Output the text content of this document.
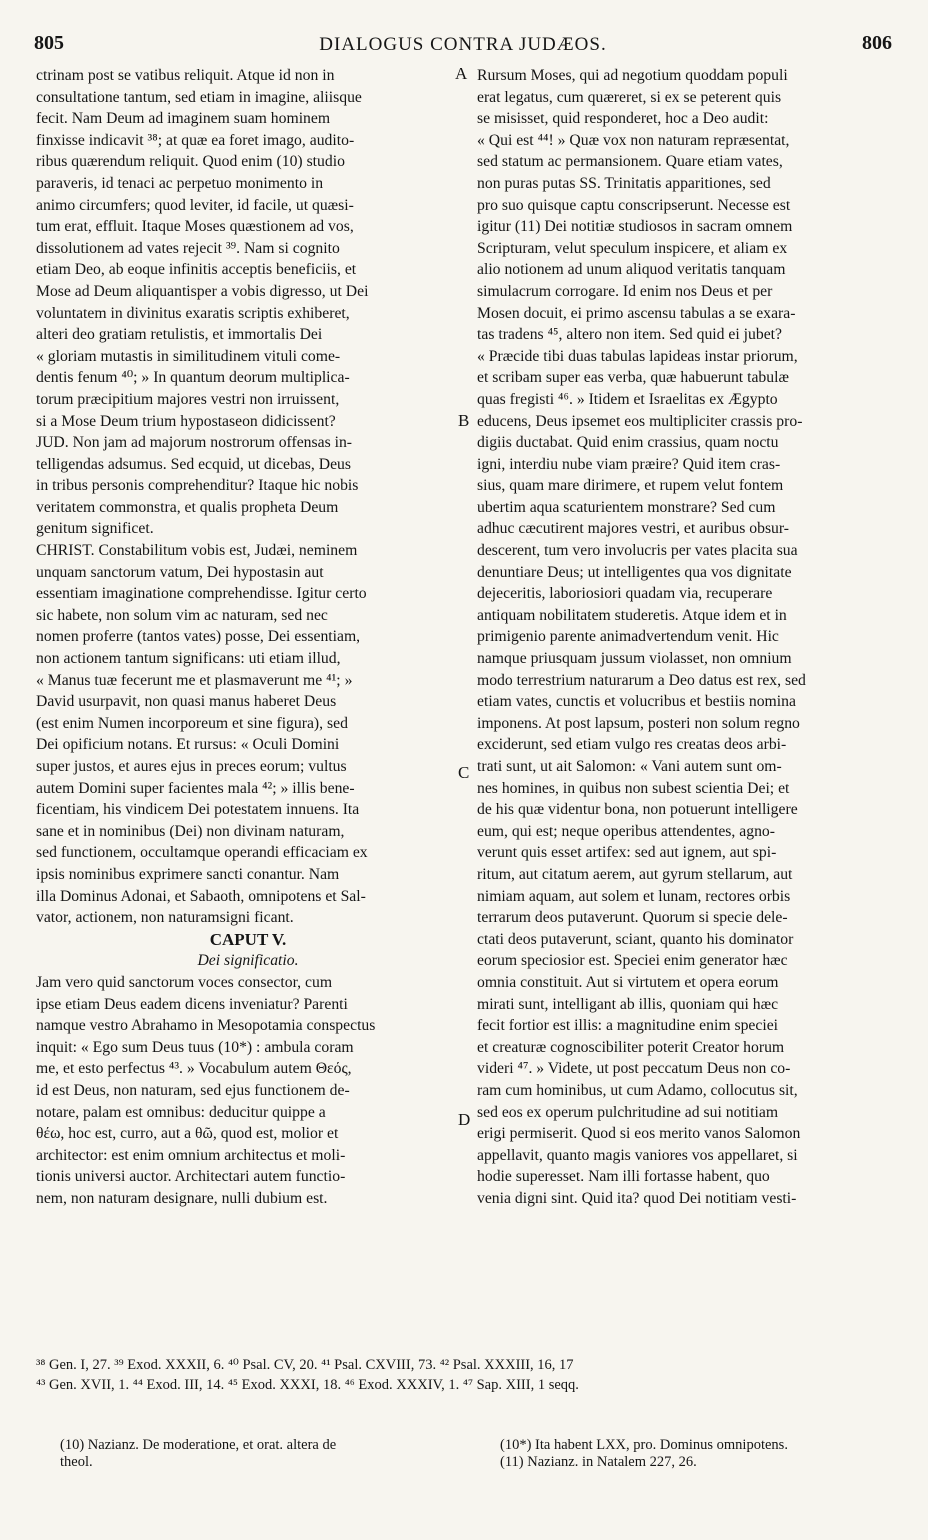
805	DIALOGUS CONTRA JUDÆOS.	806
ctrinam post se vatibus reliquit. Atque id non in
consultatione tantum, sed etiam in imagine, aliisque
fecit. Nam Deum ad imaginem suam hominem
finxisse indicavit ³⁸; at quæ ea foret imago, audito-
ribus quærendum reliquit. Quod enim (10) studio
paraveris, id tenaci ac perpetuo monimento in
animo circumfers; quod leviter, id facile, ut quæsi-
tum erat, effluit. Itaque Moses quæstionem ad vos,
dissolutionem ad vates rejecit ³⁹. Nam si cognito
etiam Deo, ab eoque infinitis acceptis beneficiis, et
Mose ad Deum aliquantisper a vobis digresso, ut Dei
voluntatem in divinitus exaratis scriptis exhiberet,
alteri deo gratiam retulistis, et immortalis Dei
« gloriam mutastis in similitudinem vituli come-
dentis fenum ⁴⁰; » In quantum deorum multiplica-
torum præcipitium majores vestri non irruissent,
si a Mose Deum trium hypostaseon didicissent?
JUD. Non jam ad majorum nostrorum offensas in-
telligendas adsumus. Sed ecquid, ut dicebas, Deus
in tribus personis comprehenditur? Itaque hic nobis
veritatem commonstra, et qualis propheta Deum
genitum significet.
CHRIST. Constabilitum vobis est, Judæi, neminem
unquam sanctorum vatum, Dei hypostasin aut
essentiam imaginatione comprehendisse. Igitur certo
sic habete, non solum vim ac naturam, sed nec
nomen proferre (tantos vates) posse, Dei essentiam,
non actionem tantum significans: uti etiam illud,
« Manus tuæ fecerunt me et plasmaverunt me ⁴¹; »
David usurpavit, non quasi manus haberet Deus
(est enim Numen incorporeum et sine figura), sed
Dei opificium notans. Et rursus: « Oculi Domini
super justos, et aures ejus in preces eorum; vultus
autem Domini super facientes mala ⁴²; » illis bene-
ficentiam, his vindicem Dei potestatem innuens. Ita
sane et in nominibus (Dei) non divinam naturam,
sed functionem, occultamque operandi efficaciam ex
ipsis nominibus exprimere sancti conantur. Nam
illa Dominus Adonai, et Sabaoth, omnipotens et Sal-
vator, actionem, non naturamsigni ficant.
CAPUT V.
Dei significatio.
Jam vero quid sanctorum voces consector, cum
ipse etiam Deus eadem dicens inveniatur? Parenti
namque vestro Abrahamo in Mesopotamia conspectus
inquit: « Ego sum Deus tuus (10*) : ambula coram
me, et esto perfectus ⁴³. » Vocabulum autem Θεός,
id est Deus, non naturam, sed ejus functionem de-
notare, palam est omnibus: deducitur quippe a
θέω, hoc est, curro, aut a θῶ, quod est, molior et
architector: est enim omnium architectus et moli-
tionis universi auctor. Architectari autem functio-
nem, non naturam designare, nulli dubium est.
Rursum Moses, qui ad negotium quoddam populi
erat legatus, cum quæreret, si ex se peterent quis
se misisset, quid responderet, hoc a Deo audit:
« Qui est ⁴⁴! » Quæ vox non naturam repræsentat,
sed statum ac permansionem. Quare etiam vates,
non puras putas SS. Trinitatis apparitiones, sed
pro suo quisque captu conscripserunt. Necesse est
igitur (11) Dei notitiæ studiosos in sacram omnem
Scripturam, velut speculum inspicere, et aliam ex
alio notionem ad unum aliquod veritatis tanquam
simulacrum corrogare. Id enim nos Deus et per
Mosen docuit, ei primo ascensu tabulas a se exara-
tas tradens ⁴⁵, altero non item. Sed quid ei jubet?
« Præcide tibi duas tabulas lapideas instar priorum,
et scribam super eas verba, quæ habuerunt tabulæ
quas fregisti ⁴⁶. » Itidem et Israelitas ex Ægypto
educens, Deus ipsemet eos multipliciter crassis pro-
digiis ductabat. Quid enim crassius, quam noctu
igni, interdiu nube viam præire? Quid item cras-
sius, quam mare dirimere, et rupem velut fontem
ubertim aqua scaturientem monstrare? Sed cum
adhuc cæcutirent majores vestri, et auribus obsur-
descerent, tum vero involucris per vates placita sua
denuntiare Deus; ut intelligentes qua vos dignitate
dejeceritis, laboriosiori quadam via, recuperare
antiquam nobilitatem studeretis. Atque idem et in
primigenio parente animadvertendum venit. Hic
namque priusquam jussum violasset, non omnium
modo terrestrium naturarum a Deo datus est rex, sed
etiam vates, cunctis et volucribus et bestiis nomina
imponens. At post lapsum, posteri non solum regno
exciderunt, sed etiam vulgo res creatas deos arbi-
trati sunt, ut ait Salomon: « Vani autem sunt om-
nes homines, in quibus non subest scientia Dei; et
de his quæ videntur bona, non potuerunt intelligere
eum, qui est; neque operibus attendentes, agno-
verunt quis esset artifex: sed aut ignem, aut spi-
ritum, aut citatum aerem, aut gyrum stellarum, aut
nimiam aquam, aut solem et lunam, rectores orbis
terrarum deos putaverunt. Quorum si specie dele-
ctati deos putaverunt, sciant, quanto his dominator
eorum speciosior est. Speciei enim generator hæc
omnia constituit. Aut si virtutem et opera eorum
mirati sunt, intelligant ab illis, quoniam qui hæc
fecit fortior est illis: a magnitudine enim speciei
et creaturæ cognoscibiliter poterit Creator horum
videri ⁴⁷. » Videte, ut post peccatum Deus non co-
ram cum hominibus, ut cum Adamo, collocutus sit,
sed eos ex operum pulchritudine ad sui notitiam
erigi permiserit. Quod si eos merito vanos Salomon
appellavit, quanto magis vaniores vos appellaret, si
hodie superesset. Nam illi fortasse habent, quo
venia digni sint. Quid ita? quod Dei notitiam vesti-
A
B
C
D
³⁸ Gen. I, 27. ³⁹ Exod. XXXII, 6. ⁴⁰ Psal. CV, 20. ⁴¹ Psal. CXVIII, 73. ⁴² Psal. XXXIII, 16, 17
⁴³ Gen. XVII, 1. ⁴⁴ Exod. III, 14. ⁴⁵ Exod. XXXI, 18. ⁴⁶ Exod. XXXIV, 1. ⁴⁷ Sap. XIII, 1 seqq.
(10) Nazianz. De moderatione, et orat. altera de
theol.
(10*) Ita habent LXX, pro. Dominus omnipotens.
(11) Nazianz. in Natalem 227, 26.
